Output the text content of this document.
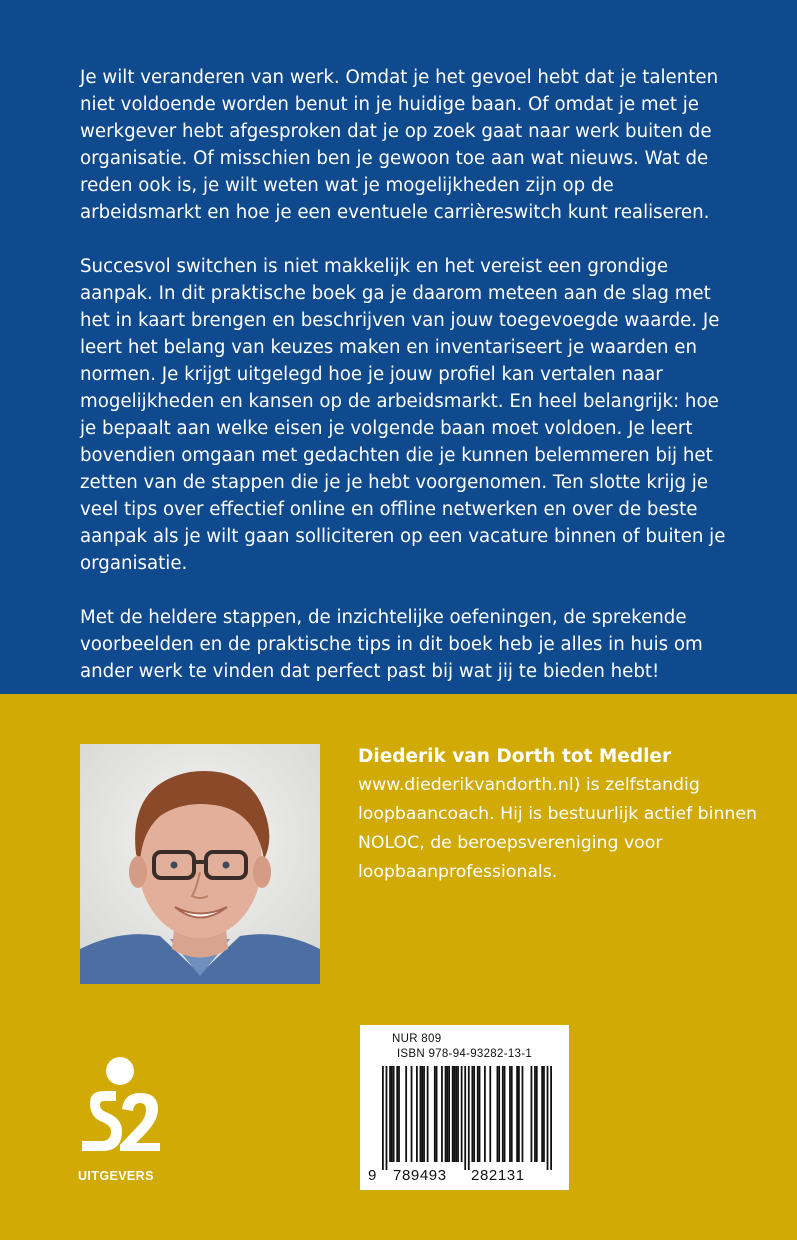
Je wilt veranderen van werk. Omdat je het gevoel hebt dat je talenten niet voldoende worden benut in je huidige baan. Of omdat je met je werkgever hebt afgesproken dat je op zoek gaat naar werk buiten de organisatie. Of misschien ben je gewoon toe aan wat nieuws. Wat de reden ook is, je wilt weten wat je mogelijkheden zijn op de arbeidsmarkt en hoe je een eventuele carrièreswitch kunt realiseren.

Succesvol switchen is niet makkelijk en het vereist een grondige aanpak. In dit praktische boek ga je daarom meteen aan de slag met het in kaart brengen en beschrijven van jouw toegevoegde waarde. Je leert het belang van keuzes maken en inventariseert je waarden en normen. Je krijgt uitgelegd hoe je jouw profiel kan vertalen naar mogelijkheden en kansen op de arbeidsmarkt. En heel belangrijk: hoe je bepaalt aan welke eisen je volgende baan moet voldoen. Je leert bovendien omgaan met gedachten die je kunnen belemmeren bij het zetten van de stappen die je je hebt voorgenomen. Ten slotte krijg je veel tips over effectief online en offline netwerken en over de beste aanpak als je wilt gaan solliciteren op een vacature binnen of buiten je organisatie.

Met de heldere stappen, de inzichtelijke oefeningen, de sprekende voorbeelden en de praktische tips in dit boek heb je alles in huis om ander werk te vinden dat perfect past bij wat jij te bieden hebt!

Diederik van Dorth tot Medler
www.diederikvandorth.nl) is zelfstandig loopbaancoach. Hij is bestuurlijk actief binnen NOLOC, de beroepsvereniging voor loopbaanprofessionals.
NUR 809
ISBN 978-94-93282-13-1
9 789493 282131
UITGEVERS
